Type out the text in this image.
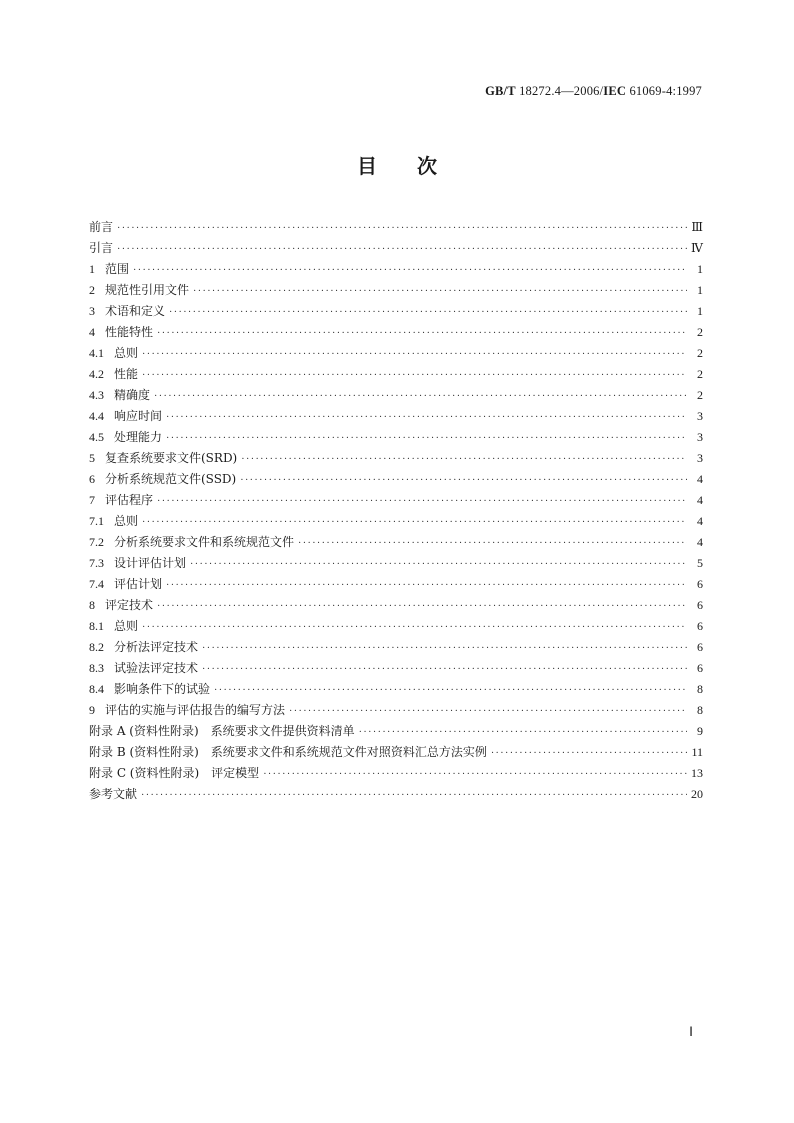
GB/T 18272.4—2006/IEC 61069-4:1997
目次
前言 ·····	Ⅲ
引言 ·····	Ⅳ
1 范围 ·····	1
2 规范性引用文件 ·····	1
3 术语和定义 ·····	1
4 性能特性 ·····	2
4.1 总则 ·····	2
4.2 性能 ·····	2
4.3 精确度 ·····	2
4.4 响应时间 ·····	3
4.5 处理能力 ·····	3
5 复查系统要求文件(SRD) ·····	3
6 分析系统规范文件(SSD) ·····	4
7 评估程序 ·····	4
7.1 总则 ·····	4
7.2 分析系统要求文件和系统规范文件 ·····	4
7.3 设计评估计划 ·····	5
7.4 评估计划 ·····	6
8 评定技术 ·····	6
8.1 总则 ·····	6
8.2 分析法评定技术 ·····	6
8.3 试验法评定技术 ·····	6
8.4 影响条件下的试验 ·····	8
9 评估的实施与评估报告的编写方法 ·····	8
附录 A (资料性附录)　系统要求文件提供资料清单 ·····	9
附录 B (资料性附录)　系统要求文件和系统规范文件对照资料汇总方法实例 ·····	11
附录 C (资料性附录)　评定模型 ·····	13
参考文献 ·····	20
Ⅰ
